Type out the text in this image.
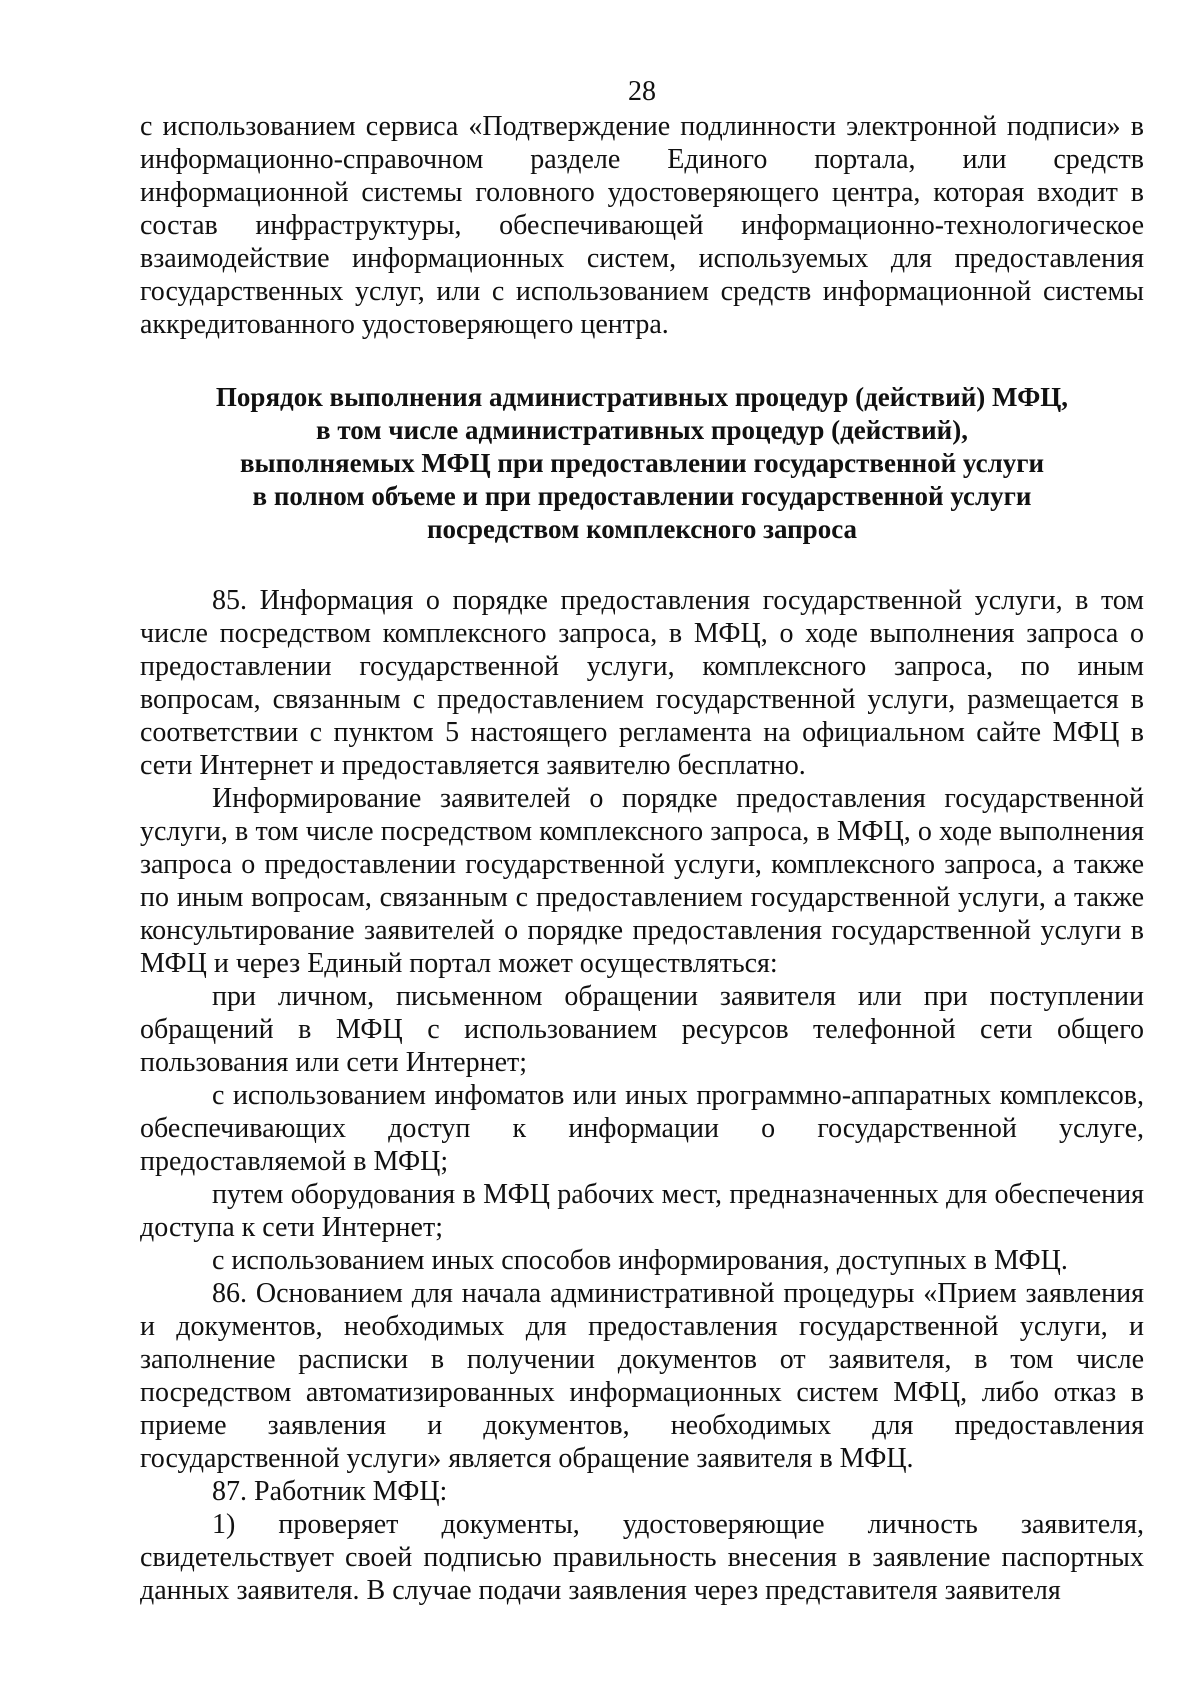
28

с использованием сервиса «Подтверждение подлинности электронной подписи» в информационно-справочном разделе Единого портала, или средств информационной системы головного удостоверяющего центра, которая входит в состав инфраструктуры, обеспечивающей информационно-технологическое взаимодействие информационных систем, используемых для предоставления государственных услуг, или с использованием средств информационной системы аккредитованного удостоверяющего центра.

Порядок выполнения административных процедур (действий) МФЦ,
в том числе административных процедур (действий),
выполняемых МФЦ при предоставлении государственной услуги
в полном объеме и при предоставлении государственной услуги
посредством комплексного запроса

85. Информация о порядке предоставления государственной услуги, в том числе посредством комплексного запроса, в МФЦ, о ходе выполнения запроса о предоставлении государственной услуги, комплексного запроса, по иным вопросам, связанным с предоставлением государственной услуги, размещается в соответствии с пунктом 5 настоящего регламента на официальном сайте МФЦ в сети Интернет и предоставляется заявителю бесплатно.

Информирование заявителей о порядке предоставления государственной услуги, в том числе посредством комплексного запроса, в МФЦ, о ходе выполнения запроса о предоставлении государственной услуги, комплексного запроса, а также по иным вопросам, связанным с предоставлением государственной услуги, а также консультирование заявителей о порядке предоставления государственной услуги в МФЦ и через Единый портал может осуществляться:

при личном, письменном обращении заявителя или при поступлении обращений в МФЦ с использованием ресурсов телефонной сети общего пользования или сети Интернет;

с использованием инфоматов или иных программно-аппаратных комплексов, обеспечивающих доступ к информации о государственной услуге, предоставляемой в МФЦ;

путем оборудования в МФЦ рабочих мест, предназначенных для обеспечения доступа к сети Интернет;

с использованием иных способов информирования, доступных в МФЦ.

86. Основанием для начала административной процедуры «Прием заявления и документов, необходимых для предоставления государственной услуги, и заполнение расписки в получении документов от заявителя, в том числе посредством автоматизированных информационных систем МФЦ, либо отказ в приеме заявления и документов, необходимых для предоставления государственной услуги» является обращение заявителя в МФЦ.

87. Работник МФЦ:

1) проверяет документы, удостоверяющие личность заявителя, свидетельствует своей подписью правильность внесения в заявление паспортных данных заявителя. В случае подачи заявления через представителя заявителя
